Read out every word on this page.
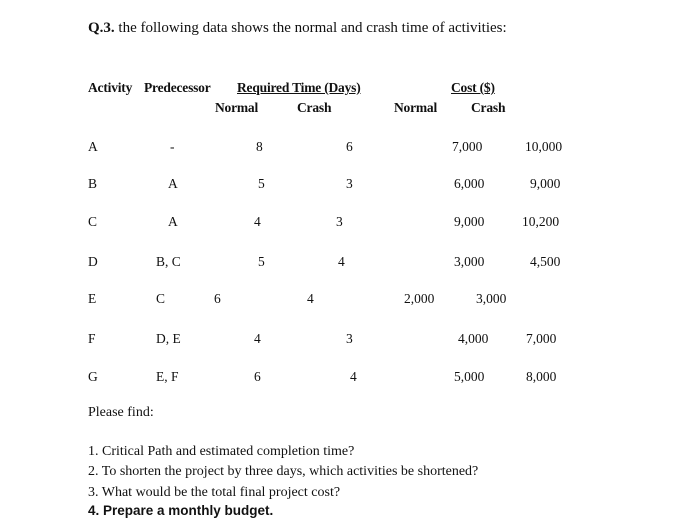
Q.3. the following data shows the normal and crash time of activities:
Activity Predecessor Required Time (Days)	Cost ($)
Normal	Crash	Normal	Crash
A	-	8	6	7,000	10,000
B	A	5	3	6,000	9,000
C	A	4	3	9,000	10,200
D	B, C	5	4	3,000	4,500
E	C	6	4	2,000	3,000
F	D, E	4	3	4,000	7,000
G	E, F	6	4	5,000	8,000
Please find:
1. Critical Path and estimated completion time?
2. To shorten the project by three days, which activities be shortened?
3. What would be the total final project cost?
4. Prepare a monthly budget.
